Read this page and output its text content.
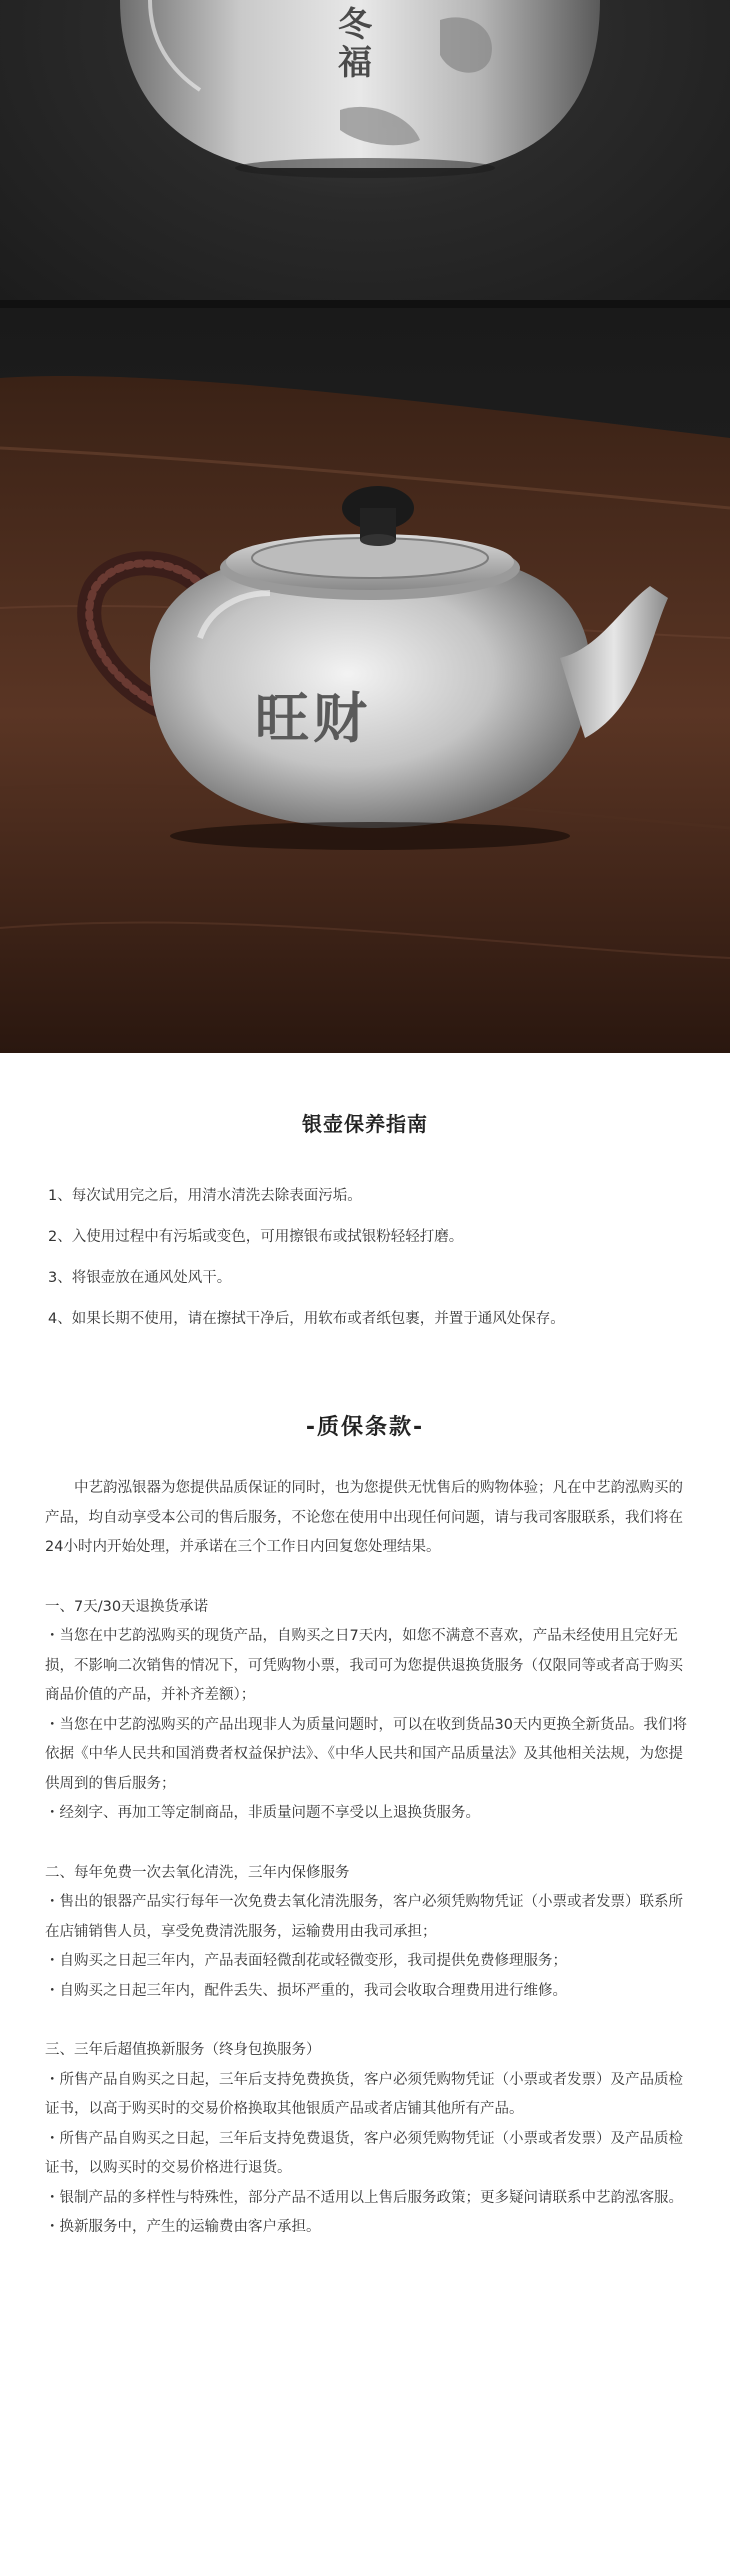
冬福
旺财
银壶保养指南
1、每次试用完之后，用清水清洗去除表面污垢。
2、入使用过程中有污垢或变色，可用擦银布或拭银粉轻轻打磨。
3、将银壶放在通风处风干。
4、如果长期不使用，请在擦拭干净后，用软布或者纸包裹，并置于通风处保存。
-质保条款-

中艺韵泓银器为您提供品质保证的同时，也为您提供无忧售后的购物体验；凡在中艺韵泓购买的产品，均自动享受本公司的售后服务，不论您在使用中出现任何问题，请与我司客服联系，我们将在24小时内开始处理，并承诺在三个工作日内回复您处理结果。

一、7天/30天退换货承诺

・当您在中艺韵泓购买的现货产品，自购买之日7天内，如您不满意不喜欢，产品未经使用且完好无损，不影响二次销售的情况下，可凭购物小票，我司可为您提供退换货服务（仅限同等或者高于购买商品价值的产品，并补齐差额）；

・当您在中艺韵泓购买的产品出现非人为质量问题时，可以在收到货品30天内更换全新货品。我们将依据《中华人民共和国消费者权益保护法》、《中华人民共和国产品质量法》及其他相关法规，为您提供周到的售后服务；

・经刻字、再加工等定制商品，非质量问题不享受以上退换货服务。

二、每年免费一次去氧化清洗，三年内保修服务

・售出的银器产品实行每年一次免费去氧化清洗服务，客户必须凭购物凭证（小票或者发票）联系所在店铺销售人员，享受免费清洗服务，运输费用由我司承担；

・自购买之日起三年内，产品表面轻微刮花或轻微变形，我司提供免费修理服务；

・自购买之日起三年内，配件丢失、损坏严重的，我司会收取合理费用进行维修。

三、三年后超值换新服务（终身包换服务）

・所售产品自购买之日起，三年后支持免费换货，客户必须凭购物凭证（小票或者发票）及产品质检证书，以高于购买时的交易价格换取其他银质产品或者店铺其他所有产品。

・所售产品自购买之日起，三年后支持免费退货，客户必须凭购物凭证（小票或者发票）及产品质检证书，以购买时的交易价格进行退货。

・银制产品的多样性与特殊性，部分产品不适用以上售后服务政策；更多疑问请联系中艺韵泓客服。

・换新服务中，产生的运输费由客户承担。
